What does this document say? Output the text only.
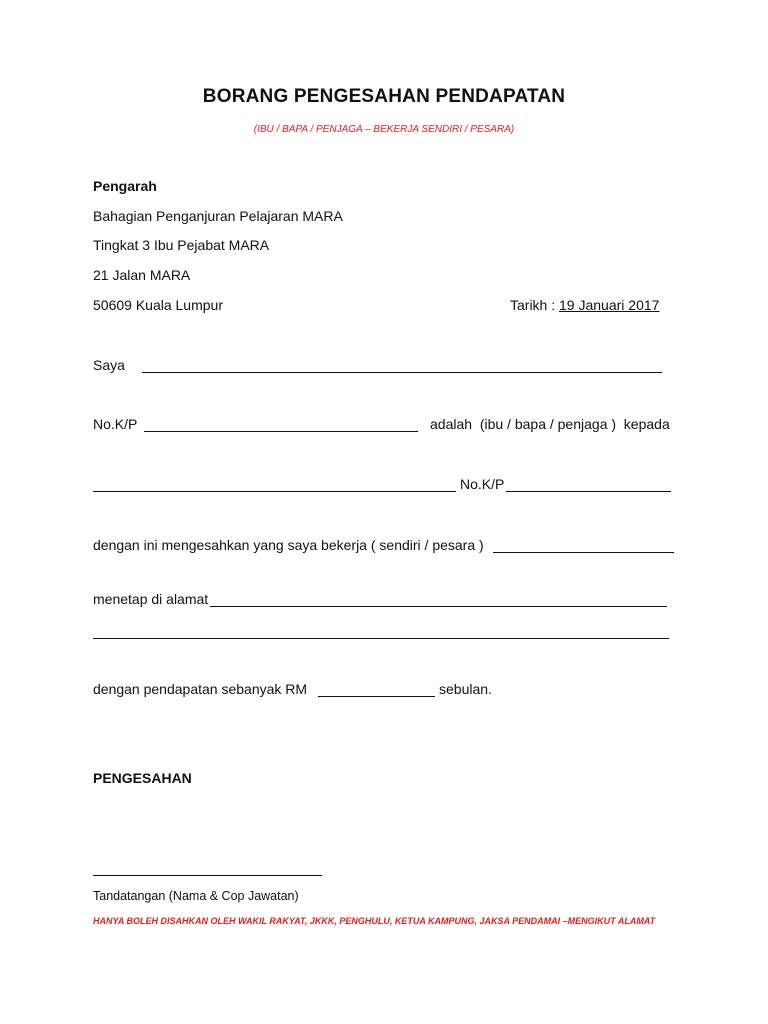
BORANG PENGESAHAN PENDAPATAN
(IBU / BAPA / PENJAGA – BEKERJA SENDIRI / PESARA)
Pengarah
Bahagian Penganjuran Pelajaran MARA
Tingkat 3 Ibu Pejabat MARA
21 Jalan MARA
50609 Kuala Lumpur	Tarikh : 19 Januari 2017
Saya
No.K/P	adalah  (ibu / bapa / penjaga )  kepada
No.K/P
dengan ini mengesahkan yang saya bekerja ( sendiri / pesara )
menetap di alamat
dengan pendapatan sebanyak RM	sebulan.
PENGESAHAN
Tandatangan (Nama & Cop Jawatan)
HANYA BOLEH DISAHKAN OLEH WAKIL RAKYAT, JKKK, PENGHULU, KETUA KAMPUNG, JAKSA PENDAMAI –MENGIKUT ALAMAT
